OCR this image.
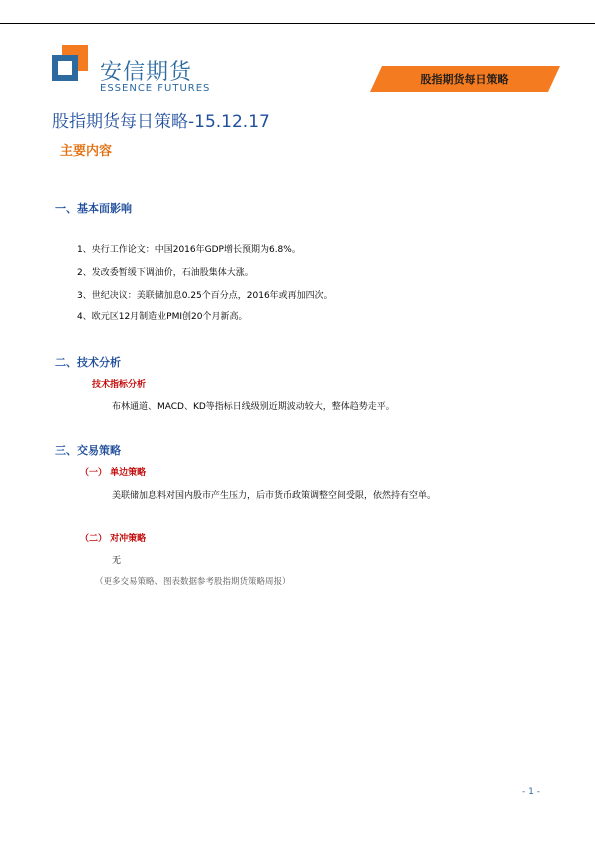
安信期货
ESSENCE FUTURES
股指期货每日策略
股指期货每日策略-15.12.17
主要内容
一、基本面影响
1、央行工作论文：中国2016年GDP增长预期为6.8%。
2、发改委暂缓下调油价，石油股集体大涨。
3、世纪决议：美联储加息0.25个百分点，2016年或再加四次。
4、欧元区12月制造业PMI创20个月新高。
二、技术分析
技术指标分析
布林通道、MACD、KD等指标日线级别近期波动较大，整体趋势走平。
三、交易策略
（一） 单边策略
美联储加息料对国内股市产生压力，后市货币政策调整空间受限，依然持有空单。
（二） 对冲策略
无
（更多交易策略、图表数据参考股指期货策略周报）
- 1 -
